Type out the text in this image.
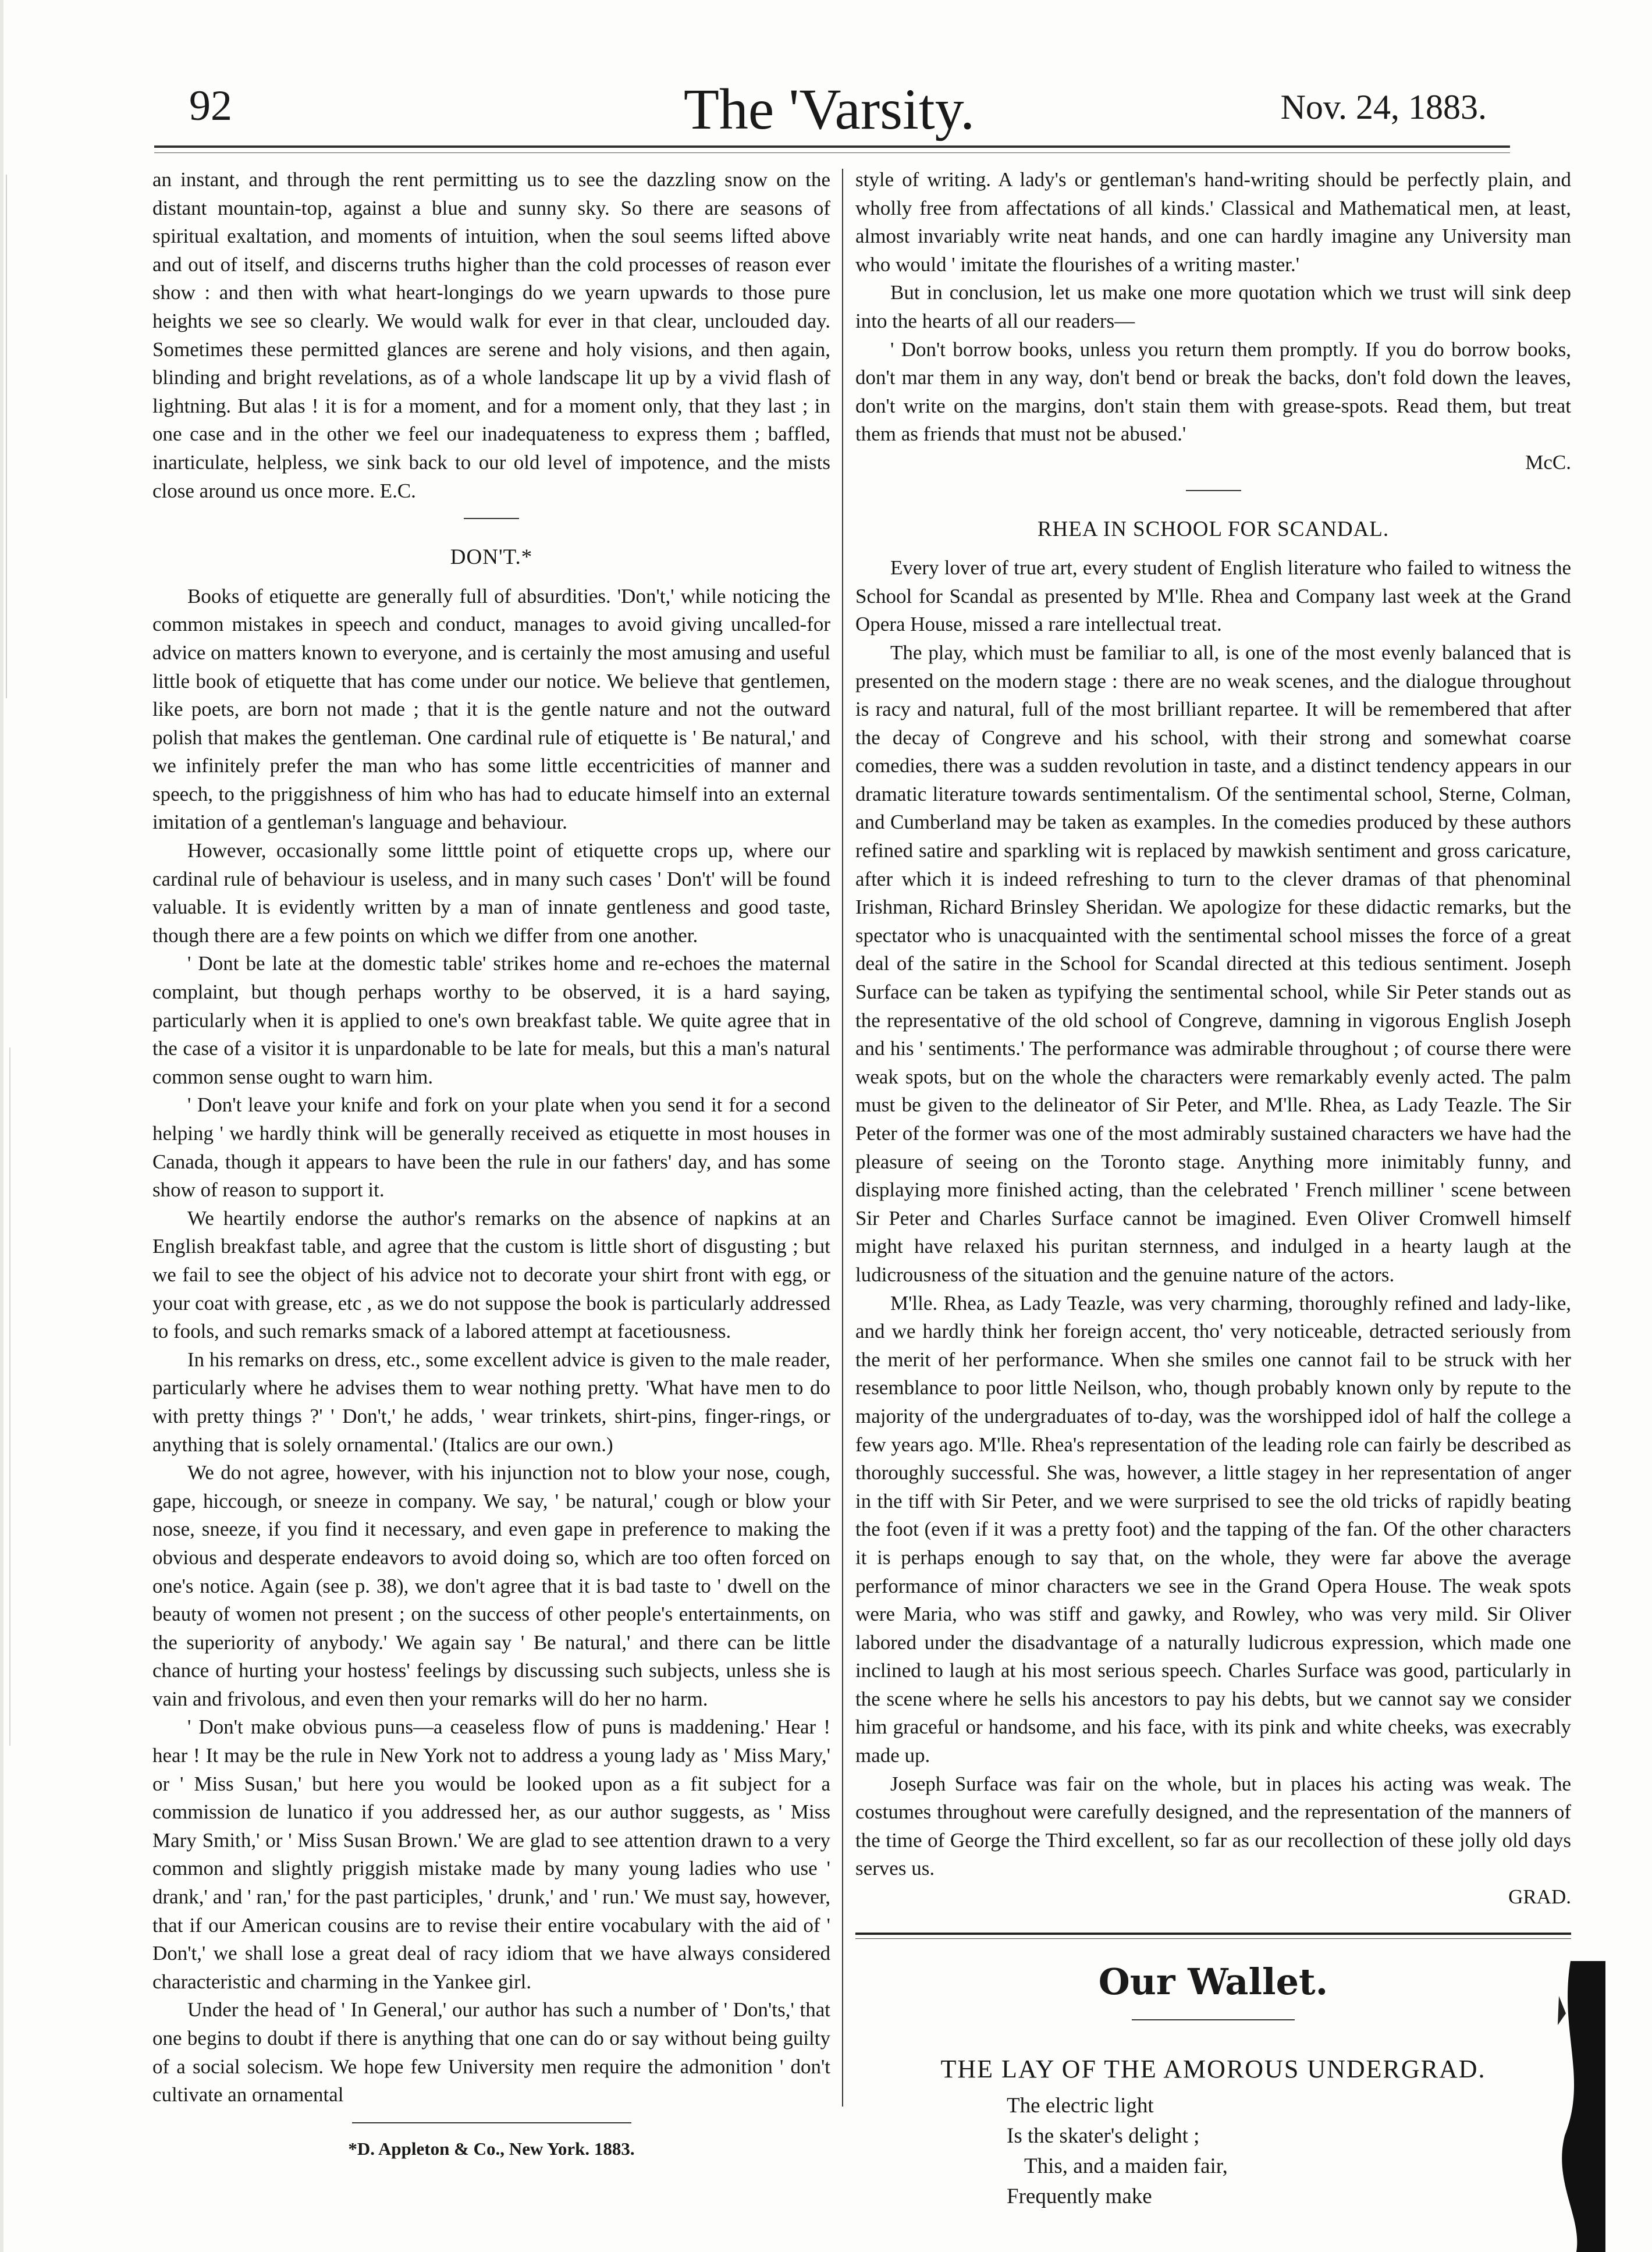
92	The 'Varsity.	Nov. 24, 1883.

an instant, and through the rent permitting us to see the dazzling snow on the distant mountain-top, against a blue and sunny sky. So there are seasons of spiritual exaltation, and moments of intuition, when the soul seems lifted above and out of itself, and discerns truths higher than the cold processes of reason ever show : and then with what heart-longings do we yearn upwards to those pure heights we see so clearly. We would walk for ever in that clear, unclouded day. Sometimes these permitted glances are serene and holy visions, and then again, blinding and bright revelations, as of a whole landscape lit up by a vivid flash of lightning. But alas ! it is for a moment, and for a moment only, that they last ; in one case and in the other we feel our inadequateness to express them ; baffled, inarticulate, helpless, we sink back to our old level of impotence, and the mists close around us once more. E.C.

DON'T.*

Books of etiquette are generally full of absurdities. 'Don't,' while noticing the common mistakes in speech and conduct, manages to avoid giving uncalled-for advice on matters known to everyone, and is certainly the most amusing and useful little book of etiquette that has come under our notice. We believe that gentlemen, like poets, are born not made ; that it is the gentle nature and not the outward polish that makes the gentleman. One cardinal rule of etiquette is ' Be natural,' and we infinitely prefer the man who has some little eccentricities of manner and speech, to the priggishness of him who has had to educate himself into an external imitation of a gentleman's language and behaviour.

However, occasionally some litttle point of etiquette crops up, where our cardinal rule of behaviour is useless, and in many such cases ' Don't' will be found valuable. It is evidently written by a man of innate gentleness and good taste, though there are a few points on which we differ from one another.

' Dont be late at the domestic table' strikes home and re-echoes the maternal complaint, but though perhaps worthy to be observed, it is a hard saying, particularly when it is applied to one's own breakfast table. We quite agree that in the case of a visitor it is unpardonable to be late for meals, but this a man's natural common sense ought to warn him.

' Don't leave your knife and fork on your plate when you send it for a second helping ' we hardly think will be generally received as etiquette in most houses in Canada, though it appears to have been the rule in our fathers' day, and has some show of reason to support it.

We heartily endorse the author's remarks on the absence of napkins at an English breakfast table, and agree that the custom is little short of disgusting ; but we fail to see the object of his advice not to decorate your shirt front with egg, or your coat with grease, etc , as we do not suppose the book is particularly addressed to fools, and such remarks smack of a labored attempt at facetiousness.

In his remarks on dress, etc., some excellent advice is given to the male reader, particularly where he advises them to wear nothing pretty. 'What have men to do with pretty things ?' ' Don't,' he adds, ' wear trinkets, shirt-pins, finger-rings, or anything that is solely ornamental.' (Italics are our own.)

We do not agree, however, with his injunction not to blow your nose, cough, gape, hiccough, or sneeze in company. We say, ' be natural,' cough or blow your nose, sneeze, if you find it necessary, and even gape in preference to making the obvious and desperate endeavors to avoid doing so, which are too often forced on one's notice. Again (see p. 38), we don't agree that it is bad taste to ' dwell on the beauty of women not present ; on the success of other people's entertainments, on the superiority of anybody.' We again say ' Be natural,' and there can be little chance of hurting your hostess' feelings by discussing such subjects, unless she is vain and frivolous, and even then your remarks will do her no harm.

' Don't make obvious puns—a ceaseless flow of puns is maddening.' Hear ! hear ! It may be the rule in New York not to address a young lady as ' Miss Mary,' or ' Miss Susan,' but here you would be looked upon as a fit subject for a commission de lunatico if you addressed her, as our author suggests, as ' Miss Mary Smith,' or ' Miss Susan Brown.' We are glad to see attention drawn to a very common and slightly priggish mistake made by many young ladies who use ' drank,' and ' ran,' for the past participles, ' drunk,' and ' run.' We must say, however, that if our American cousins are to revise their entire vocabulary with the aid of ' Don't,' we shall lose a great deal of racy idiom that we have always considered characteristic and charming in the Yankee girl.

Under the head of ' In General,' our author has such a number of ' Don'ts,' that one begins to doubt if there is anything that one can do or say without being guilty of a social solecism. We hope few University men require the admonition ' don't cultivate an ornamental

*D. Appleton & Co., New York. 1883.

style of writing. A lady's or gentleman's hand-writing should be perfectly plain, and wholly free from affectations of all kinds.' Classical and Mathematical men, at least, almost invariably write neat hands, and one can hardly imagine any University man who would ' imitate the flourishes of a writing master.'

But in conclusion, let us make one more quotation which we trust will sink deep into the hearts of all our readers—

' Don't borrow books, unless you return them promptly. If you do borrow books, don't mar them in any way, don't bend or break the backs, don't fold down the leaves, don't write on the margins, don't stain them with grease-spots. Read them, but treat them as friends that must not be abused.'

McC.
RHEA IN SCHOOL FOR SCANDAL.

Every lover of true art, every student of English literature who failed to witness the School for Scandal as presented by M'lle. Rhea and Company last week at the Grand Opera House, missed a rare intellectual treat.

The play, which must be familiar to all, is one of the most evenly balanced that is presented on the modern stage : there are no weak scenes, and the dialogue throughout is racy and natural, full of the most brilliant repartee. It will be remembered that after the decay of Congreve and his school, with their strong and somewhat coarse comedies, there was a sudden revolution in taste, and a distinct tendency appears in our dramatic literature towards sentimentalism. Of the sentimental school, Sterne, Colman, and Cumberland may be taken as examples. In the comedies produced by these authors refined satire and sparkling wit is replaced by mawkish sentiment and gross caricature, after which it is indeed refreshing to turn to the clever dramas of that phenominal Irishman, Richard Brinsley Sheridan. We apologize for these didactic remarks, but the spectator who is unacquainted with the sentimental school misses the force of a great deal of the satire in the School for Scandal directed at this tedious sentiment. Joseph Surface can be taken as typifying the sentimental school, while Sir Peter stands out as the representative of the old school of Congreve, damning in vigorous English Joseph and his ' sentiments.' The performance was admirable throughout ; of course there were weak spots, but on the whole the characters were remarkably evenly acted. The palm must be given to the delineator of Sir Peter, and M'lle. Rhea, as Lady Teazle. The Sir Peter of the former was one of the most admirably sustained characters we have had the pleasure of seeing on the Toronto stage. Anything more inimitably funny, and displaying more finished acting, than the celebrated ' French milliner ' scene between Sir Peter and Charles Surface cannot be imagined. Even Oliver Cromwell himself might have relaxed his puritan sternness, and indulged in a hearty laugh at the ludicrousness of the situation and the genuine nature of the actors.

M'lle. Rhea, as Lady Teazle, was very charming, thoroughly refined and lady-like, and we hardly think her foreign accent, tho' very noticeable, detracted seriously from the merit of her performance. When she smiles one cannot fail to be struck with her resemblance to poor little Neilson, who, though probably known only by repute to the majority of the undergraduates of to-day, was the worshipped idol of half the college a few years ago. M'lle. Rhea's representation of the leading role can fairly be described as thoroughly successful. She was, however, a little stagey in her representation of anger in the tiff with Sir Peter, and we were surprised to see the old tricks of rapidly beating the foot (even if it was a pretty foot) and the tapping of the fan. Of the other characters it is perhaps enough to say that, on the whole, they were far above the average performance of minor characters we see in the Grand Opera House. The weak spots were Maria, who was stiff and gawky, and Rowley, who was very mild. Sir Oliver labored under the disadvantage of a naturally ludicrous expression, which made one inclined to laugh at his most serious speech. Charles Surface was good, particularly in the scene where he sells his ancestors to pay his debts, but we cannot say we consider him graceful or handsome, and his face, with its pink and white cheeks, was execrably made up.

Joseph Surface was fair on the whole, but in places his acting was weak. The costumes throughout were carefully designed, and the representation of the manners of the time of George the Third excellent, so far as our recollection of these jolly old days serves us.

GRAD.
Our Wallet.
THE LAY OF THE AMOROUS UNDERGRAD.
The electric light
Is the skater's delight ;
This, and a maiden fair,
Frequently make
